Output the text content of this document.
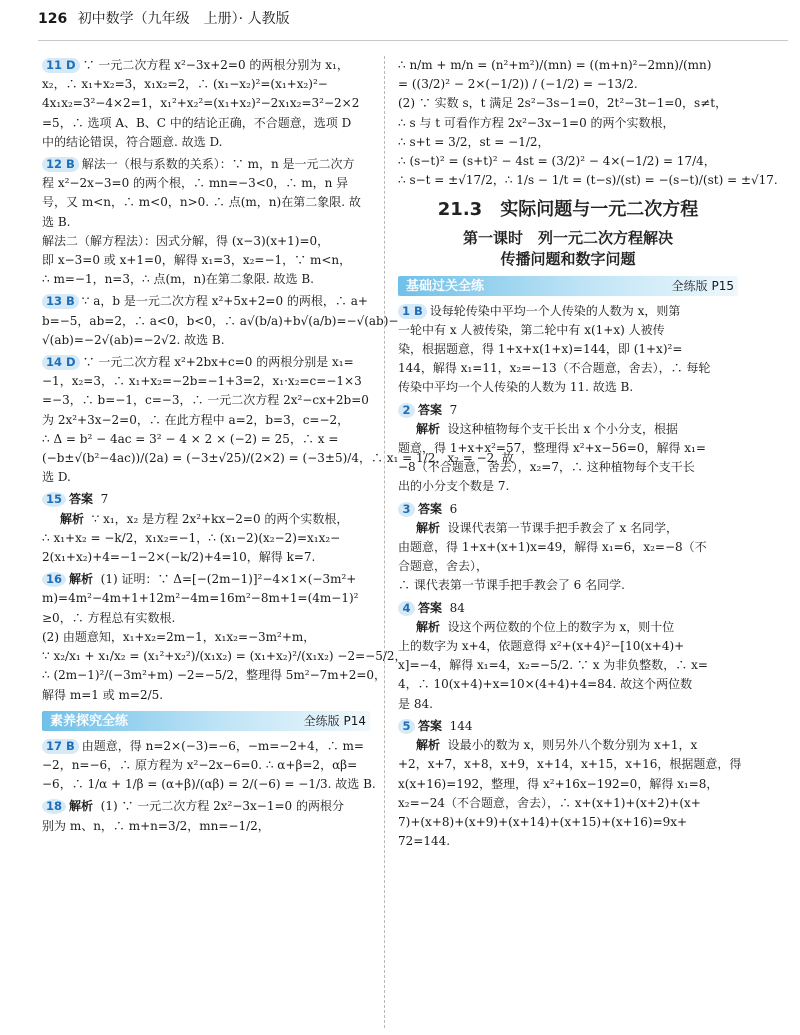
126 初中数学（九年级　上册）· 人教版
11 D ∵ 一元二次方程 x²−3x+2=0 的两根分别为 x₁，
x₂，∴ x₁+x₂=3，x₁x₂=2，∴ (x₁−x₂)²=(x₁+x₂)²−
4x₁x₂=3²−4×2=1，x₁²+x₂²=(x₁+x₂)²−2x₁x₂=3²−2×2
=5，∴ 选项 A、B、C 中的结论正确，不合题意，选项 D
中的结论错误，符合题意. 故选 D.
12 B 解法一（根与系数的关系）：∵ m，n 是一元二次方
程 x²−2x−3=0 的两个根，∴ mn=−3<0，∴ m，n 异
号，又 m<n，∴ m<0，n>0. ∴ 点(m，n)在第二象限. 故
选 B.
解法二（解方程法）：因式分解，得 (x−3)(x+1)=0，
即 x−3=0 或 x+1=0，解得 x₁=3，x₂=−1，∵ m<n，
∴ m=−1，n=3，∴ 点(m，n)在第二象限. 故选 B.
13 B ∵ a，b 是一元二次方程 x²+5x+2=0 的两根，∴ a+
b=−5，ab=2，∴ a<0，b<0，∴ a√(b/a)+b√(a/b)=−√(ab)−
√(ab)=−2√(ab)=−2√2. 故选 B.
14 D ∵ 一元二次方程 x²+2bx+c=0 的两根分别是 x₁=
−1，x₂=3，∴ x₁+x₂=−2b=−1+3=2，x₁·x₂=c=−1×3
=−3，∴ b=−1，c=−3，∴ 一元二次方程 2x²−cx+2b=0
为 2x²+3x−2=0，∴ 在此方程中 a=2，b=3，c=−2，
∴ Δ = b² − 4ac = 3² − 4 × 2 × (−2) = 25，∴ x =
(−b±√(b²−4ac))/(2a) = (−3±√25)/(2×2) = (−3±5)/4，∴ x₁ = 1/2，x₂ = −2. 故
选 D.
15 答案 7
解析 ∵ x₁，x₂ 是方程 2x²+kx−2=0 的两个实数根，
∴ x₁+x₂ = −k/2，x₁x₂=−1，∴ (x₁−2)(x₂−2)=x₁x₂−
2(x₁+x₂)+4=−1−2×(−k/2)+4=10，解得 k=7.
16 解析 (1) 证明：∵ Δ=[−(2m−1)]²−4×1×(−3m²+
m)=4m²−4m+1+12m²−4m=16m²−8m+1=(4m−1)²
≥0，∴ 方程总有实数根.
(2) 由题意知，x₁+x₂=2m−1，x₁x₂=−3m²+m，
∵ x₂/x₁ + x₁/x₂ = (x₁²+x₂²)/(x₁x₂) = (x₁+x₂)²/(x₁x₂) −2=−5/2，
∴ (2m−1)²/(−3m²+m) −2=−5/2，整理得 5m²−7m+2=0，
解得 m=1 或 m=2/5.
素养探究全练	全练版 P14
17 B 由题意，得 n=2×(−3)=−6，−m=−2+4，∴ m=
−2，n=−6，∴ 原方程为 x²−2x−6=0. ∴ α+β=2，αβ=
−6，∴ 1/α + 1/β = (α+β)/(αβ) = 2/(−6) = −1/3. 故选 B.
18 解析 (1) ∵ 一元二次方程 2x²−3x−1=0 的两根分
别为 m、n，∴ m+n=3/2，mn=−1/2，
∴ n/m + m/n = (n²+m²)/(mn) = ((m+n)²−2mn)/(mn)
= ((3/2)² − 2×(−1/2)) / (−1/2) = −13/2.
(2) ∵ 实数 s，t 满足 2s²−3s−1=0，2t²−3t−1=0，s≠t，
∴ s 与 t 可看作方程 2x²−3x−1=0 的两个实数根，
∴ s+t = 3/2，st = −1/2，
∴ (s−t)² = (s+t)² − 4st = (3/2)² − 4×(−1/2) = 17/4，
∴ s−t = ±√17/2，∴ 1/s − 1/t = (t−s)/(st) = −(s−t)/(st) = ±√17.
21.3　实际问题与一元二次方程
第一课时　列一元二次方程解决
传播问题和数字问题
基础过关全练	全练版 P15
1 B 设每轮传染中平均一个人传染的人数为 x，则第
一轮中有 x 人被传染，第二轮中有 x(1+x) 人被传
染，根据题意，得 1+x+x(1+x)=144，即 (1+x)²=
144，解得 x₁=11，x₂=−13（不合题意，舍去），∴ 每轮
传染中平均一个人传染的人数为 11. 故选 B.
2 答案 7
解析 设这种植物每个支干长出 x 个小分支，根据
题意，得 1+x+x²=57，整理得 x²+x−56=0，解得 x₁=
−8（不合题意，舍去），x₂=7，∴ 这种植物每个支干长
出的小分支个数是 7.
3 答案 6
解析 设课代表第一节课手把手教会了 x 名同学，
由题意，得 1+x+(x+1)x=49，解得 x₁=6，x₂=−8（不
合题意，舍去），
∴ 课代表第一节课手把手教会了 6 名同学.
4 答案 84
解析 设这个两位数的个位上的数字为 x，则十位
上的数字为 x+4，依题意得 x²+(x+4)²−[10(x+4)+
x]=−4，解得 x₁=4，x₂=−5/2. ∵ x 为非负整数，∴ x=
4，∴ 10(x+4)+x=10×(4+4)+4=84. 故这个两位数
是 84.
5 答案 144
解析 设最小的数为 x，则另外八个数分别为 x+1，x
+2，x+7，x+8，x+9，x+14，x+15，x+16，根据题意，得
x(x+16)=192，整理，得 x²+16x−192=0，解得 x₁=8，
x₂=−24（不合题意，舍去），∴ x+(x+1)+(x+2)+(x+
7)+(x+8)+(x+9)+(x+14)+(x+15)+(x+16)=9x+
72=144.
